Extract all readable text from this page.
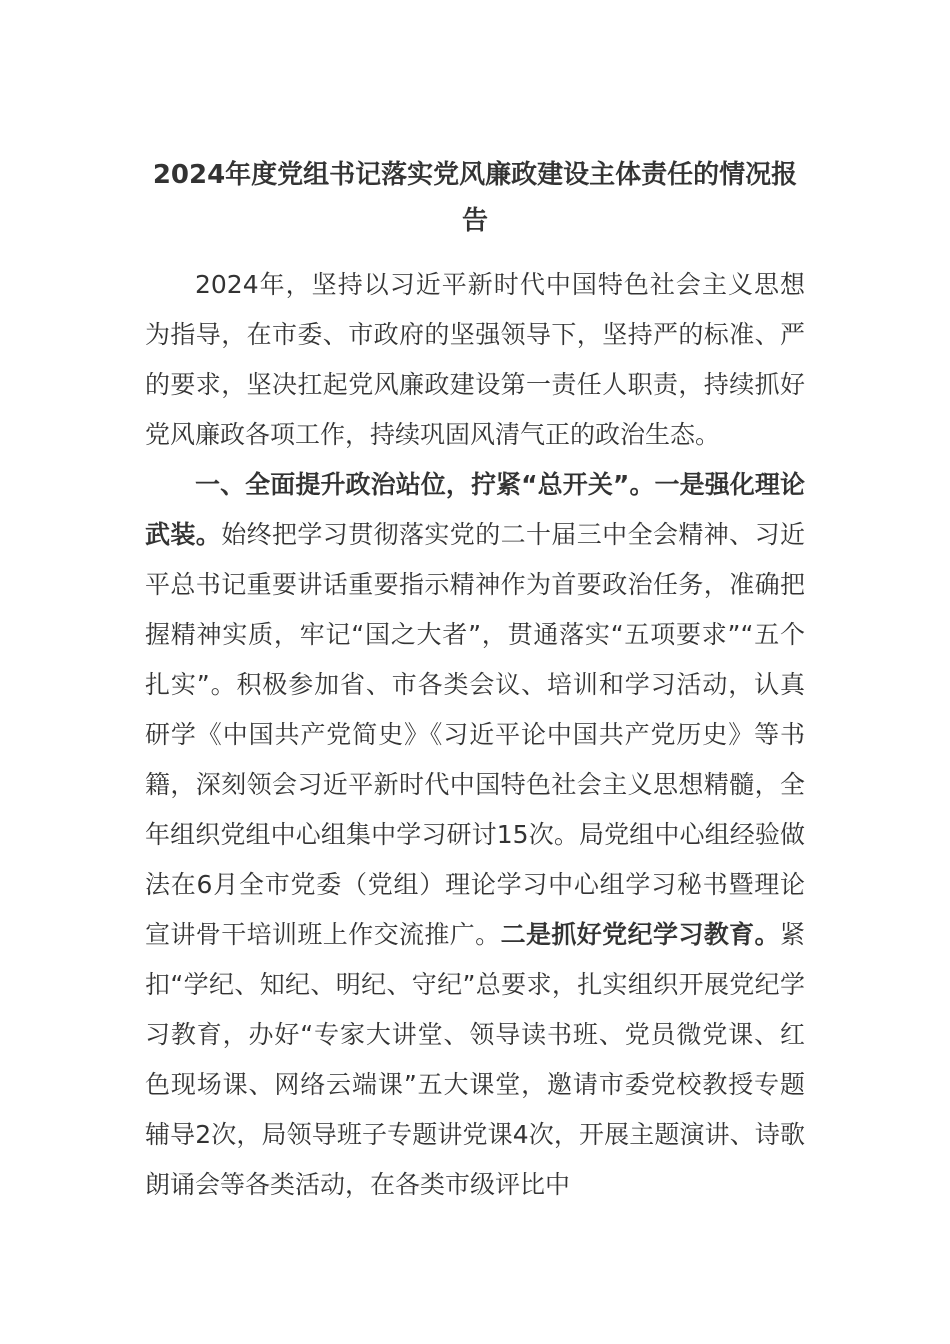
2024年度党组书记落实党风廉政建设主体责任的情况报告

2024年，坚持以习近平新时代中国特色社会主义思想为指导，在市委、市政府的坚强领导下，坚持严的标准、严的要求，坚决扛起党风廉政建设第一责任人职责，持续抓好党风廉政各项工作，持续巩固风清气正的政治生态。

一、全面提升政治站位，拧紧“总开关”。一是强化理论武装。始终把学习贯彻落实党的二十届三中全会精神、习近平总书记重要讲话重要指示精神作为首要政治任务，准确把握精神实质，牢记“国之大者”，贯通落实“五项要求”“五个扎实”。积极参加省、市各类会议、培训和学习活动，认真研学《中国共产党简史》《习近平论中国共产党历史》等书籍，深刻领会习近平新时代中国特色社会主义思想精髓，全年组织党组中心组集中学习研讨15次。局党组中心组经验做法在6月全市党委（党组）理论学习中心组学习秘书暨理论宣讲骨干培训班上作交流推广。二是抓好党纪学习教育。紧扣“学纪、知纪、明纪、守纪”总要求，扎实组织开展党纪学习教育，办好“专家大讲堂、领导读书班、党员微党课、红色现场课、网络云端课”五大课堂，邀请市委党校教授专题辅导2次，局领导班子专题讲党课4次，开展主题演讲、诗歌朗诵会等各类活动，在各类市级评比中
